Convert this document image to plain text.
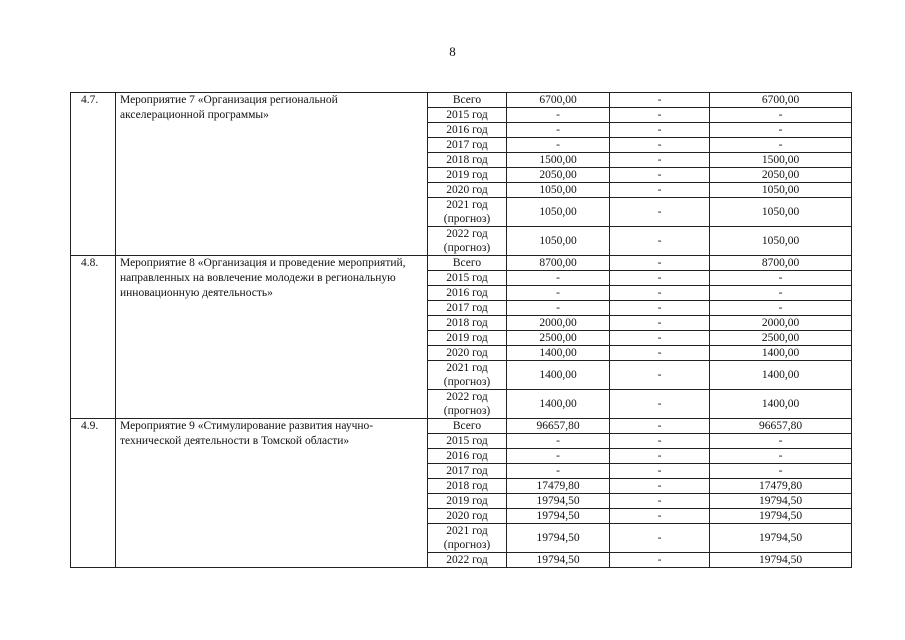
8
4.7.	Мероприятие 7 «Организация региональной акселерационной программы»	Всего	6700,00	-	6700,00

		2015 год	-	-	-

		2016 год	-	-	-

		2017 год	-	-	-

		2018 год	1500,00	-	1500,00

		2019 год	2050,00	-	2050,00

		2020 год	1050,00	-	1050,00

		2021 год
(прогноз)	1050,00	-	1050,00

		2022 год
(прогноз)	1050,00	-	1050,00
4.8.	Мероприятие 8 «Организация и проведение мероприятий, направленных на вовлечение молодежи в региональную инновационную деятельность»	Всего	8700,00	-	8700,00

		2015 год	-	-	-

		2016 год	-	-	-

		2017 год	-	-	-

		2018 год	2000,00	-	2000,00

		2019 год	2500,00	-	2500,00

		2020 год	1400,00	-	1400,00

		2021 год
(прогноз)	1400,00	-	1400,00

		2022 год
(прогноз)	1400,00	-	1400,00
4.9.	Мероприятие 9 «Стимулирование развития научно-технической деятельности в Томской области»	Всего	96657,80	-	96657,80

		2015 год	-	-	-

		2016 год	-	-	-

		2017 год	-	-	-

		2018 год	17479,80	-	17479,80

		2019 год	19794,50	-	19794,50

		2020 год	19794,50	-	19794,50

		2021 год
(прогноз)	19794,50	-	19794,50

		2022 год	19794,50	-	19794,50
